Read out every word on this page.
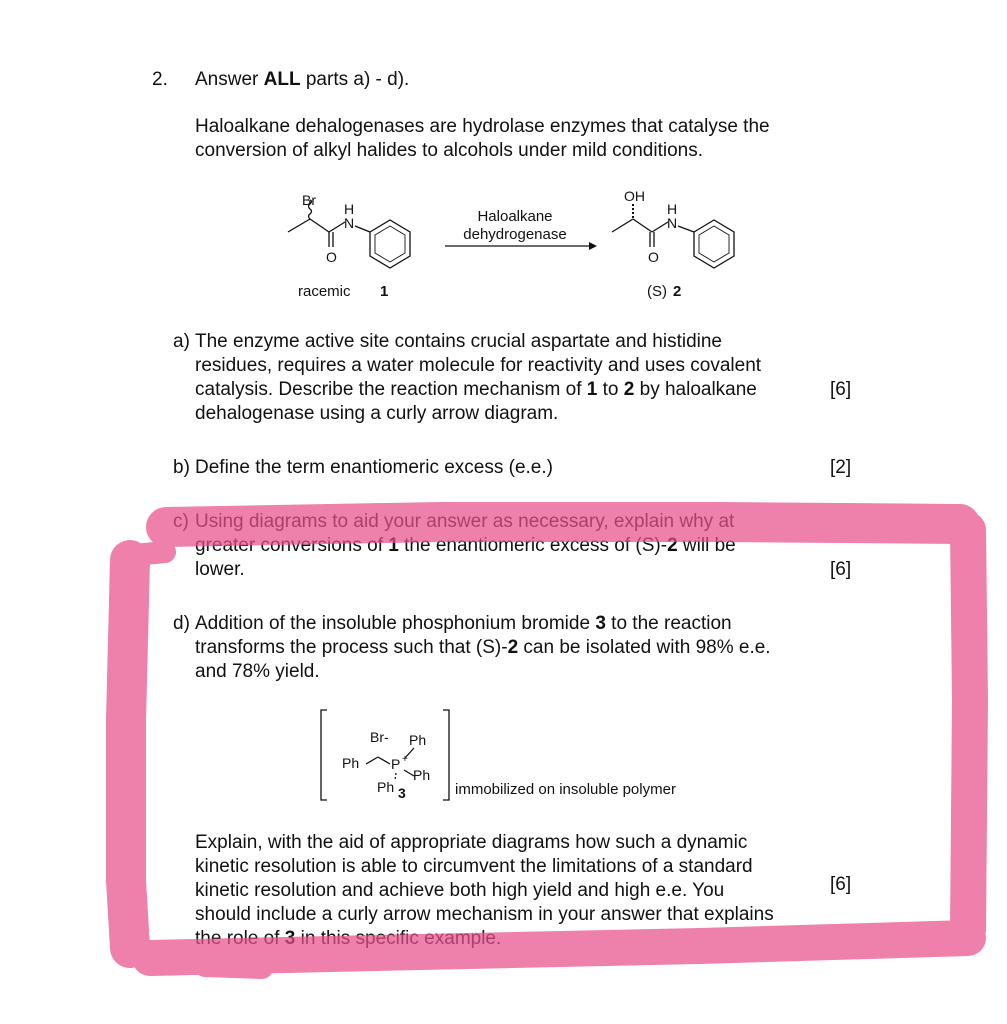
2. Answer ALL parts a) - d).
Haloalkane dehalogenases are hydrolase enzymes that catalyse the
conversion of alkyl halides to alcohols under mild conditions.
Br
H
N
O
Haloalkane
dehydrogenase
OH
H
N
O
racemic 1	(S) 2
a) The enzyme active site contains crucial aspartate and histidine
residues, requires a water molecule for reactivity and uses covalent
catalysis. Describe the reaction mechanism of 1 to 2 by haloalkane
dehalogenase using a curly arrow diagram.
[6]
b) Define the term enantiomeric excess (e.e.)	[2]
c) Using diagrams to aid your answer as necessary, explain why at
greater conversions of 1 the enantiomeric excess of (S)-2 will be
lower.	[6]
d) Addition of the insoluble phosphonium bromide 3 to the reaction
transforms the process such that (S)-2 can be isolated with 98% e.e.
and 78% yield.
Br- Ph
Ph P +
Ph
Ph 3	immobilized on insoluble polymer
Explain, with the aid of appropriate diagrams how such a dynamic
kinetic resolution is able to circumvent the limitations of a standard
kinetic resolution and achieve both high yield and high e.e. You
should include a curly arrow mechanism in your answer that explains
the role of 3 in this specific example.
[6]
